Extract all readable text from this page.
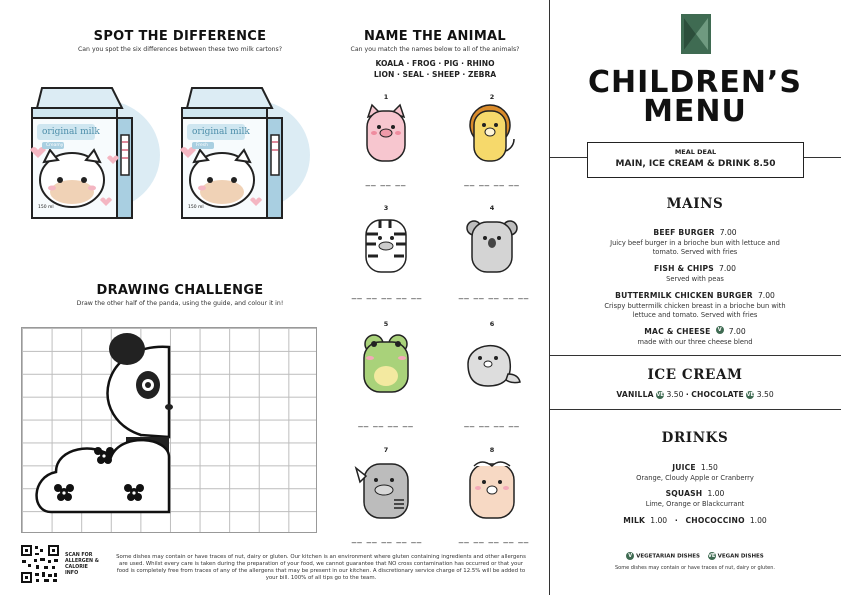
SPOT THE DIFFERENCE
Can you spot the six differences between these two milk cartons?
original milk
Creamy
150 ml
original milk
Fresh
150 ml
DRAWING CHALLENGE
Draw the other half of the panda, using the guide, and colour it in!
SCAN FOR ALLERGEN & CALORIE INFO
Some dishes may contain or have traces of nut, dairy or gluten. Our kitchen is an environment where gluten containing ingredients and other allergens are used. Whilst every care is taken during the preparation of your food, we cannot guarantee that NO cross contamination has occurred or that your food is completely free from traces of any of the allergens that may be present in our kitchen. A discretionary service charge of 12.5% will be added to your bill. 100% of all tips go to the team.
NAME THE ANIMAL
Can you match the names below to all of the animals?
KOALA · FROG · PIG · RHINO
LION · SEAL · SHEEP · ZEBRA
1
__ __ __
2
__ __ __ __
3
__ __ __ __ __
4
__ __ __ __ __
5
__ __ __ __
6
__ __ __ __
7
__ __ __ __ __
8
__ __ __ __ __
CHILDREN’S
MENU
MEAL DEAL
MAIN, ICE CREAM & DRINK 8.50
MAINS
BEEF BURGER 7.00
Juicy beef burger in a brioche bun with lettuce and tomato. Served with fries
FISH & CHIPS 7.00
Served with peas
BUTTERMILK CHICKEN BURGER 7.00
Crispy buttermilk chicken breast in a brioche bun with lettuce and tomato. Served with fries
MAC & CHEESE V 7.00
made with our three cheese blend
ICE CREAM
VANILLA VE 3.50 · CHOCOLATE VE 3.50
DRINKS
JUICE 1.50
Orange, Cloudy Apple or Cranberry
SQUASH 1.00
Lime, Orange or Blackcurrant
MILK 1.00  ·  CHOCOCCINO 1.00
V VEGETARIAN DISHES VE VEGAN DISHES
Some dishes may contain or have traces of nut, dairy or gluten.
